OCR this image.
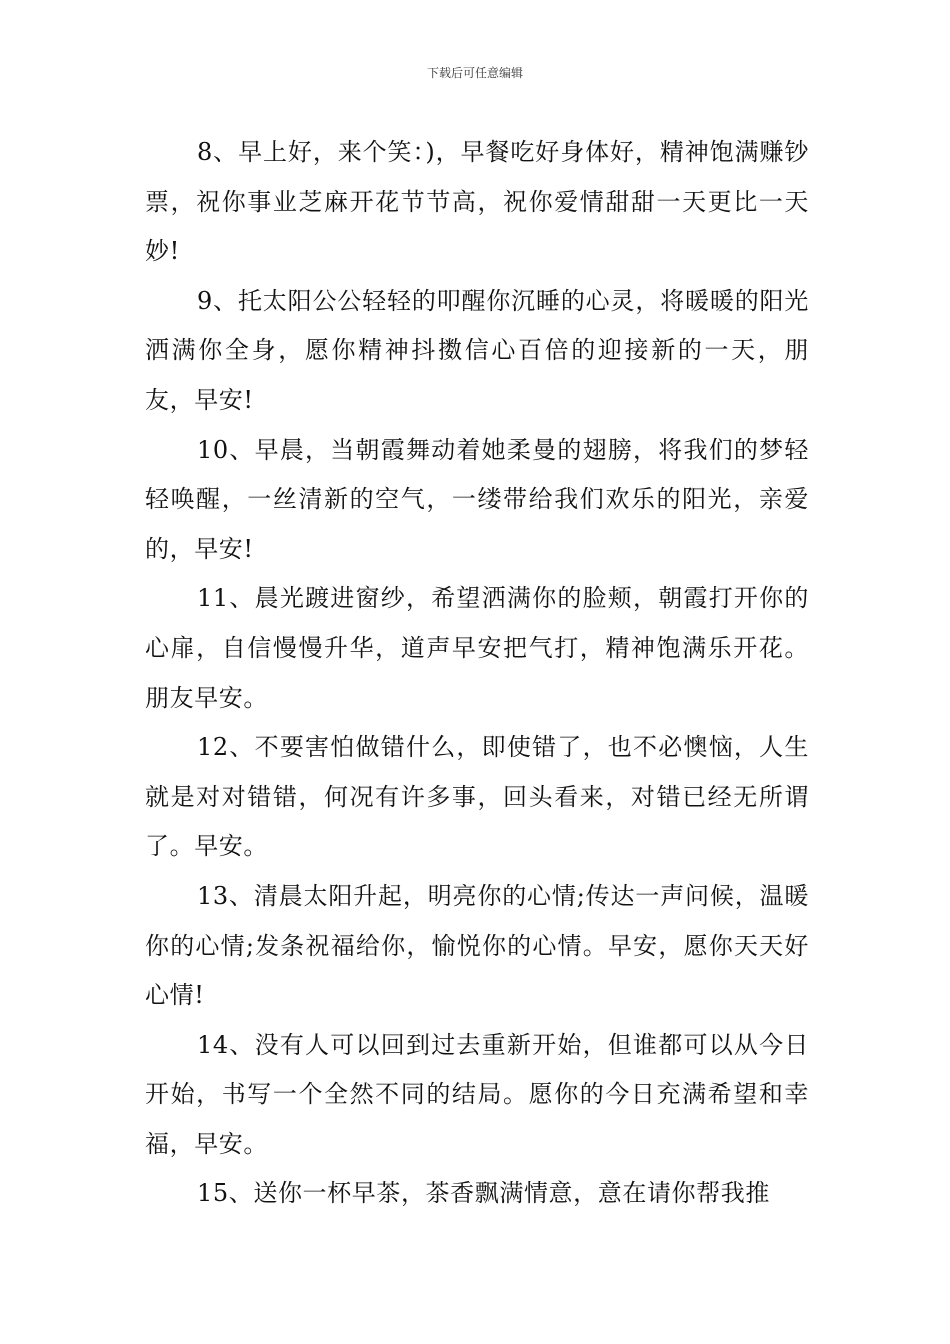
下载后可任意编辑

8、早上好，来个笑：)，早餐吃好身体好，精神饱满赚钞票，祝你事业芝麻开花节节高，祝你爱情甜甜一天更比一天妙!

9、托太阳公公轻轻的叩醒你沉睡的心灵，将暖暖的阳光洒满你全身，愿你精神抖擞信心百倍的迎接新的一天，朋友，早安!

10、早晨，当朝霞舞动着她柔曼的翅膀，将我们的梦轻轻唤醒，一丝清新的空气，一缕带给我们欢乐的阳光，亲爱的，早安!

11、晨光踱进窗纱，希望洒满你的脸颊，朝霞打开你的心扉，自信慢慢升华，道声早安把气打，精神饱满乐开花。朋友早安。

12、不要害怕做错什么，即使错了，也不必懊恼，人生就是对对错错，何况有许多事，回头看来，对错已经无所谓了。早安。

13、清晨太阳升起，明亮你的心情;传达一声问候，温暖你的心情;发条祝福给你，愉悦你的心情。早安，愿你天天好心情!

14、没有人可以回到过去重新开始，但谁都可以从今日开始，书写一个全然不同的结局。愿你的今日充满希望和幸福，早安。

15、送你一杯早茶，茶香飘满情意，意在请你帮我推
